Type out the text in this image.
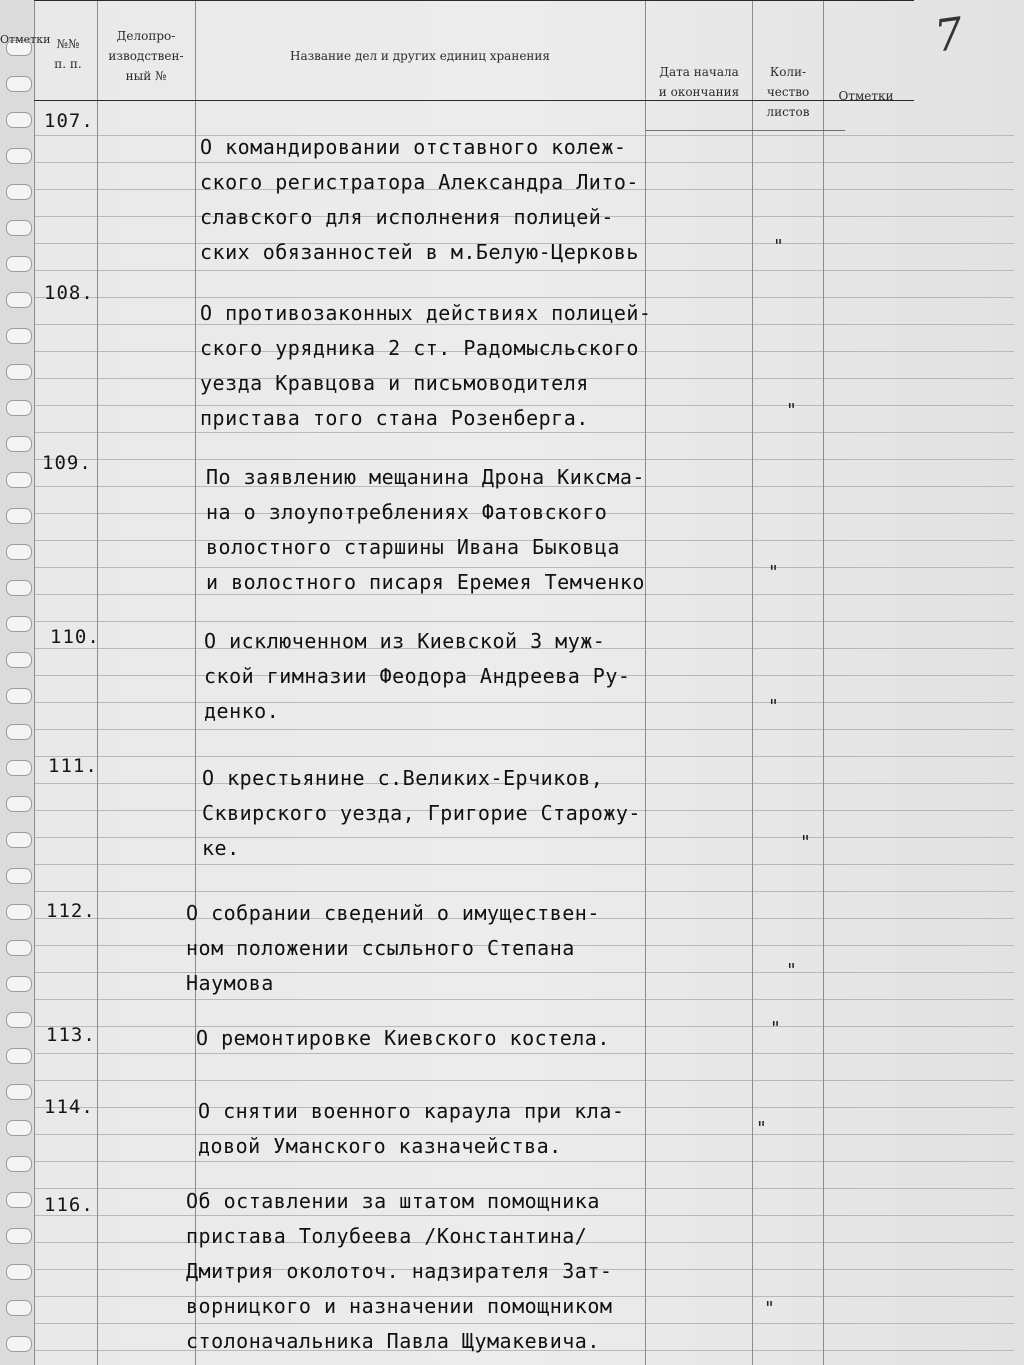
Отметки №№
п. п.
Делопро-
изводствен-
ный №
Название дел и других единиц хранения
Дата начала
и окончания
Коли-
чество
листов
Отметки
7
107.
О командировании отставного колеж-
ского регистратора Александра Лито-
славского для исполнения полицей-
ских обязанностей в м.Белую-Церковь	"
108.
О противозаконных действиях полицей-
ского урядника 2 ст. Радомысльского
уезда Кравцова и письмоводителя
пристава того стана Розенберга.	"
109.
По заявлению мещанина Дрона Киксма-
на о злоупотреблениях Фатовского
волостного старшины Ивана Быковца
и волостного писаря Еремея Темченко	"
110.	О исключенном из Киевской 3 муж-
ской гимназии Феодора Андреева Ру-
денко.	"
111.	О крестьянине с.Великих-Ерчиков,
Сквирского уезда, Григорие Старожу-
ке.	"
112.	О собрании сведений о имуществен-
ном положении ссыльного Степана
Наумова
"
113.	О ремонтировке Киевского костела.	"
114.	О снятии военного караула при кла-
довой Уманского казначейства.
"
116.	Об оставлении за штатом помощника
пристава Толубеева /Константина/
Дмитрия околоточ. надзирателя Зат-
ворницкого и назначении помощником
столоначальника Павла Щумакевича.
"
